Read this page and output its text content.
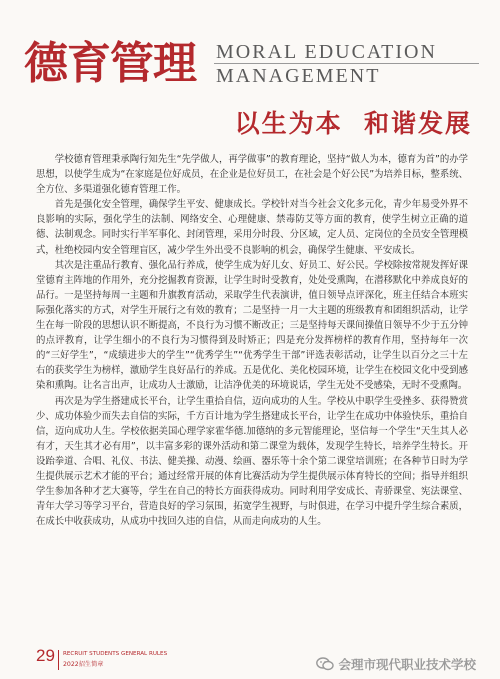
德育管理 MORAL EDUCATION
MANAGEMENT
以生为本  和谐发展

学校德育管理秉承陶行知先生“先学做人，再学做事”的教育理论，坚持“做人为本，德育为首”的办学思想，以使学生成为“在家庭是位好成员，在企业是位好员工，在社会是个好公民”为培养目标，整系统、全方位、多渠道强化德育管理工作。

首先是强化安全管理，确保学生平安、健康成长。学校针对当今社会文化多元化，青少年易受外界不良影响的实际，强化学生的法制、网络安全、心理健康、禁毒防艾等方面的教育，使学生树立正确的道德、法制观念。同时实行半军事化、封闭管理，采用分时段、分区域，定人员、定岗位的全员安全管理模式，杜绝校园内安全管理盲区，减少学生外出受不良影响的机会，确保学生健康、平安成长。

其次是注重品行教育、强化品行养成，使学生成为好儿女、好员工、好公民。学校除按常规发挥好课堂德育主阵地的作用外，充分挖掘教育资源，让学生时时受教育，处处受熏陶，在潜移默化中养成良好的品行。一是坚持每周一主题和升旗教育活动，采取学生代表演讲，值日领导点评深化，班主任结合本班实际强化落实的方式，对学生开展行之有效的教育；二是坚持一月一大主题的班级教育和团组织活动，让学生在每一阶段的思想认识不断提高，不良行为习惯不断改正；三是坚持每天课间操值日领导不少于五分钟的点评教育，让学生细小的不良行为习惯得到及时矫正；四是充分发挥榜样的教育作用，坚持每年一次的“三好学生”，“成绩进步大的学生”“优秀学生”“优秀学生干部”评选表彰活动，让学生以百分之三十左右的获奖学生为榜样，激励学生良好品行的养成。五是优化、美化校园环境，让学生在校园文化中受到感染和熏陶。让名言出声，让成功人士激励，让洁净优美的环境说话，学生无处不受感染，无时不受熏陶。

再次是为学生搭建成长平台，让学生重拾自信，迈向成功的人生。学校从中职学生受挫多、获得赞赏少、成功体验少而失去自信的实际，千方百计地为学生搭建成长平台，让学生在成功中体验快乐，重拾自信，迈向成功人生。学校依据美国心理学家霍华德.加德纳的多元智能理论，坚信每一个学生“天生其人必有才，天生其才必有用”，以丰富多彩的课外活动和第二课堂为载体，发现学生特长，培养学生特长。开设跆拳道、合唱、礼仪、书法、健美操、动漫、绘画、器乐等十余个第二课堂培训班；在各种节日时为学生提供展示艺术才能的平台；通过经常开展的体育比赛活动为学生提供展示体育特长的空间；指导并组织学生参加各种才艺大赛等，学生在自己的特长方面获得成功。同时利用学安成长、青骄课堂、宪法课堂、青年大学习等学习平台，营造良好的学习氛围，拓宽学生视野，与时俱进，在学习中提升学生综合素质，在成长中收获成功，从成功中找回久违的自信，从而走向成功的人生。

29 RECRUIT STUDENTS GENERAL RULES
2022招生简章	会理市现代职业技术学校
